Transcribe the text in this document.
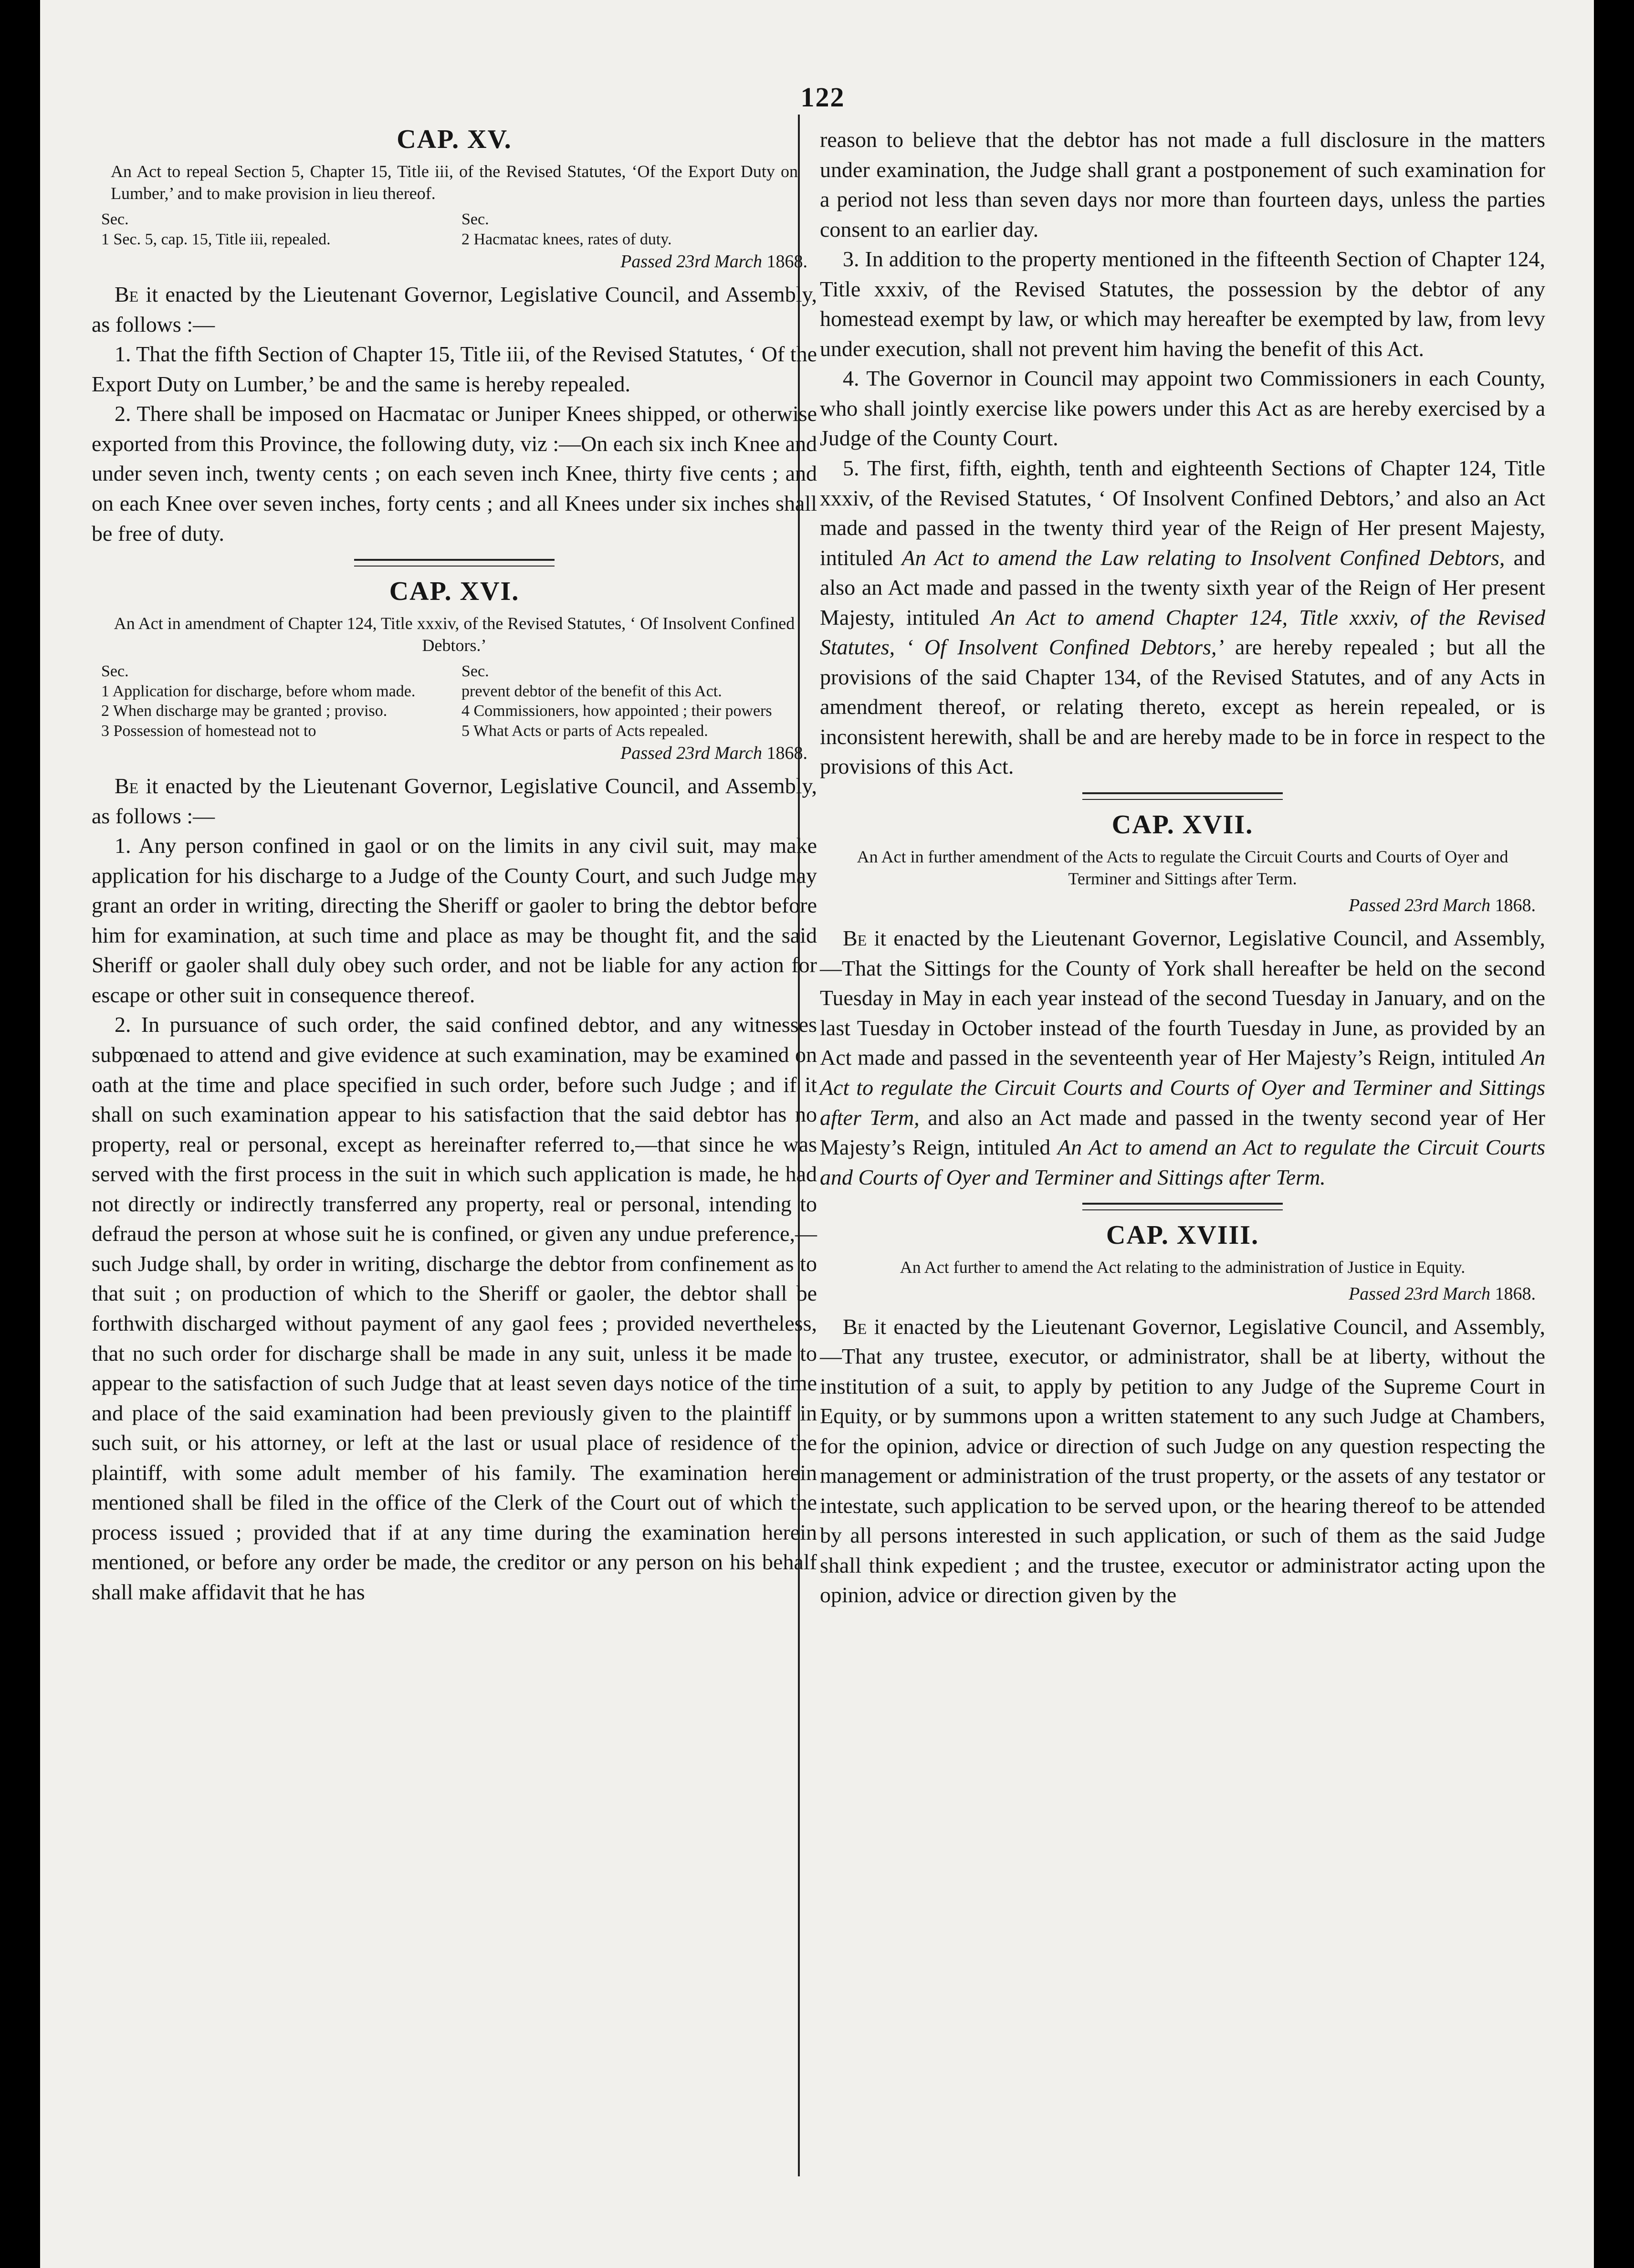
122
CAP. XV.
An Act to repeal Section 5, Chapter 15, Title iii, of the Revised Statutes, ‘Of the Export Duty on Lumber,’ and to make provision in lieu thereof.
Sec.	Sec.
1 Sec. 5, cap. 15, Title iii, repealed.	2 Hacmatac knees, rates of duty.
Passed 23rd March 1868.

Be it enacted by the Lieutenant Governor, Legislative Council, and Assembly, as follows :—

1. That the fifth Section of Chapter 15, Title iii, of the Revised Statutes, ‘ Of the Export Duty on Lumber,’ be and the same is hereby repealed.

2. There shall be imposed on Hacmatac or Juniper Knees shipped, or otherwise exported from this Province, the following duty, viz :—On each six inch Knee and under seven inch, twenty cents ; on each seven inch Knee, thirty five cents ; and on each Knee over seven inches, forty cents ; and all Knees under six inches shall be free of duty.

CAP. XVI.
An Act in amendment of Chapter 124, Title xxxiv, of the Revised Statutes, ‘ Of Insolvent Confined Debtors.’
Sec.	Sec.
1 Application for discharge, before whom made.	prevent debtor of the benefit of this Act.
2 When discharge may be granted ; proviso.	4 Commissioners, how appointed ; their powers
3 Possession of homestead not to	5 What Acts or parts of Acts repealed.
Passed 23rd March 1868.

Be it enacted by the Lieutenant Governor, Legislative Council, and Assembly, as follows :—

1. Any person confined in gaol or on the limits in any civil suit, may make application for his discharge to a Judge of the County Court, and such Judge may grant an order in writing, directing the Sheriff or gaoler to bring the debtor before him for examination, at such time and place as may be thought fit, and the said Sheriff or gaoler shall duly obey such order, and not be liable for any action for escape or other suit in consequence thereof.

2. In pursuance of such order, the said confined debtor, and any witnesses subpœnaed to attend and give evidence at such examination, may be examined on oath at the time and place specified in such order, before such Judge ; and if it shall on such examination appear to his satisfaction that the said debtor has no property, real or personal, except as hereinafter referred to,—that since he was served with the first process in the suit in which such application is made, he had not directly or indirectly transferred any property, real or personal, intending to defraud the person at whose suit he is confined, or given any undue preference,—such Judge shall, by order in writing, discharge the debtor from confinement as to that suit ; on production of which to the Sheriff or gaoler, the debtor shall be forthwith discharged without payment of any gaol fees ; provided nevertheless, that no such order for discharge shall be made in any suit, unless it be made to appear to the satisfaction of such Judge that at least seven days notice of the time and place of the said examination had been previously given to the plaintiff in such suit, or his attorney, or left at the last or usual place of residence of the plaintiff, with some adult member of his family. The examination herein mentioned shall be filed in the office of the Clerk of the Court out of which the process issued ; provided that if at any time during the examination herein mentioned, or before any order be made, the creditor or any person on his behalf shall make affidavit that he has

reason to believe that the debtor has not made a full disclosure in the matters under examination, the Judge shall grant a postponement of such examination for a period not less than seven days nor more than fourteen days, unless the parties consent to an earlier day.

3. In addition to the property mentioned in the fifteenth Section of Chapter 124, Title xxxiv, of the Revised Statutes, the possession by the debtor of any homestead exempt by law, or which may hereafter be exempted by law, from levy under execution, shall not prevent him having the benefit of this Act.

4. The Governor in Council may appoint two Commissioners in each County, who shall jointly exercise like powers under this Act as are hereby exercised by a Judge of the County Court.

5. The first, fifth, eighth, tenth and eighteenth Sections of Chapter 124, Title xxxiv, of the Revised Statutes, ‘ Of Insolvent Confined Debtors,’ and also an Act made and passed in the twenty third year of the Reign of Her present Majesty, intituled An Act to amend the Law relating to Insolvent Confined Debtors, and also an Act made and passed in the twenty sixth year of the Reign of Her present Majesty, intituled An Act to amend Chapter 124, Title xxxiv, of the Revised Statutes, ‘ Of Insolvent Confined Debtors,’ are hereby repealed ; but all the provisions of the said Chapter 134, of the Revised Statutes, and of any Acts in amendment thereof, or relating thereto, except as herein repealed, or is inconsistent herewith, shall be and are hereby made to be in force in respect to the provisions of this Act.

CAP. XVII.
An Act in further amendment of the Acts to regulate the Circuit Courts and Courts of Oyer and Terminer and Sittings after Term.
Passed 23rd March 1868.

Be it enacted by the Lieutenant Governor, Legislative Council, and Assembly,—That the Sittings for the County of York shall hereafter be held on the second Tuesday in May in each year instead of the second Tuesday in January, and on the last Tuesday in October instead of the fourth Tuesday in June, as provided by an Act made and passed in the seventeenth year of Her Majesty’s Reign, intituled An Act to regulate the Circuit Courts and Courts of Oyer and Terminer and Sittings after Term, and also an Act made and passed in the twenty second year of Her Majesty’s Reign, intituled An Act to amend an Act to regulate the Circuit Courts and Courts of Oyer and Terminer and Sittings after Term.

CAP. XVIII.
An Act further to amend the Act relating to the administration of Justice in Equity.
Passed 23rd March 1868.

Be it enacted by the Lieutenant Governor, Legislative Council, and Assembly,—That any trustee, executor, or administrator, shall be at liberty, without the institution of a suit, to apply by petition to any Judge of the Supreme Court in Equity, or by summons upon a written statement to any such Judge at Chambers, for the opinion, advice or direction of such Judge on any question respecting the management or administration of the trust property, or the assets of any testator or intestate, such application to be served upon, or the hearing thereof to be attended by all persons interested in such application, or such of them as the said Judge shall think expedient ; and the trustee, executor or administrator acting upon the opinion, advice or direction given by the
